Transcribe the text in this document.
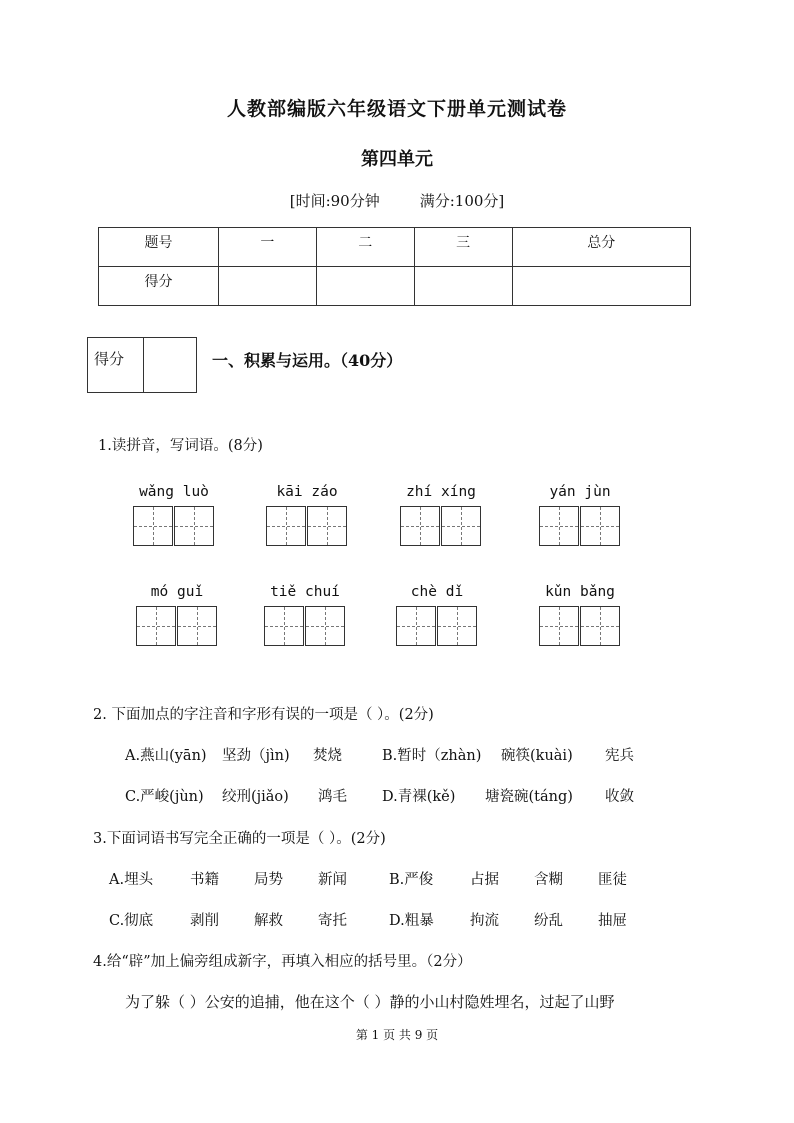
人教部编版六年级语文下册单元测试卷
第四单元
[时间:90分钟	满分:100分]
题号	一	二	三	总分
得分				
得分	一、积累与运用。（40分）
1.读拼音，写词语。(8分)
wǎng luò	kāi záo	zhí xíng	yán jùn
mó guǐ	tiě chuí	chè dǐ	kǔn bǎng
2. 下面加点的字注音和字形有误的一项是（ ）。(2分)
A.燕山(yān) 坚劲（jìn) 焚烧	B.暂时（zhàn) 碗筷(kuài) 宪兵
C.严峻(jùn) 绞刑(jiǎo) 鸿毛 D.青裸(kě) 塘瓷碗(táng) 收敛
3.下面词语书写完全正确的一项是（ ）。(2分)
A.埋头	书籍 局势 新闻	B.严俊	占据 含糊 匪徒
C.彻底	剥削 解救 寄托	D.粗暴	拘流 纷乱 抽屉
4.给“辟”加上偏旁组成新字，再填入相应的括号里。（2分）
为了躲（ ）公安的追捕，他在这个（ ）静的小山村隐姓埋名，过起了山野
第 1 页 共 9 页
